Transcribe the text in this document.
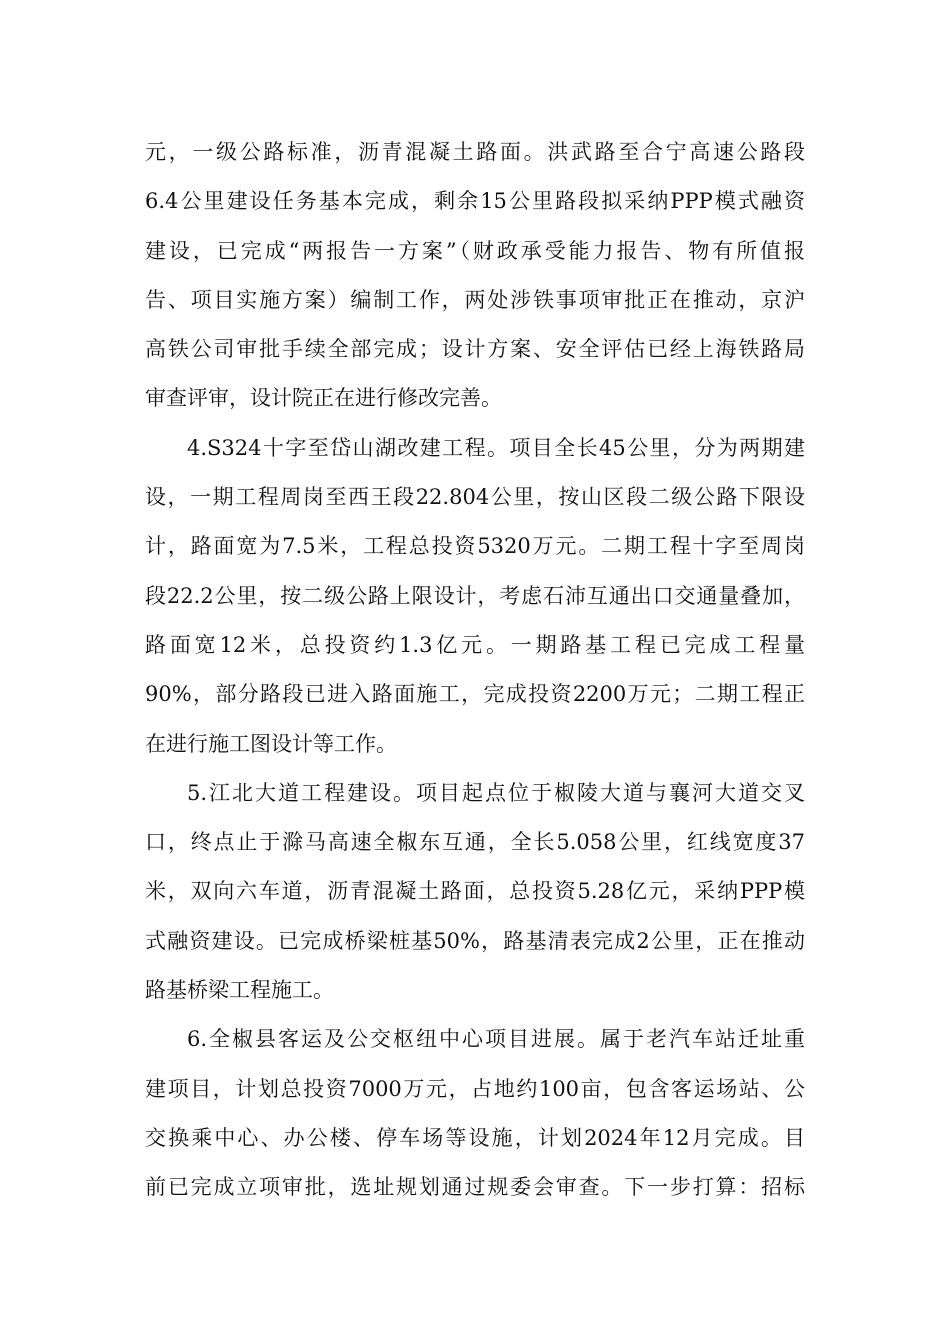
元，一级公路标准，沥青混凝土路面。洪武路至合宁高速公路段
6.4公里建设任务基本完成，剩余15公里路段拟采纳PPP模式融资
建设，已完成“两报告一方案”（财政承受能力报告、物有所值报
告、项目实施方案）编制工作，两处涉铁事项审批正在推动，京沪
高铁公司审批手续全部完成；设计方案、安全评估已经上海铁路局
审查评审，设计院正在进行修改完善。
4.S324十字至岱山湖改建工程。项目全长45公里，分为两期建
设，一期工程周岗至西王段22.804公里，按山区段二级公路下限设
计，路面宽为7.5米，工程总投资5320万元。二期工程十字至周岗
段22.2公里，按二级公路上限设计，考虑石沛互通出口交通量叠加，
路面宽12米，总投资约1.3亿元。一期路基工程已完成工程量
90%，部分路段已进入路面施工，完成投资2200万元；二期工程正
在进行施工图设计等工作。
5.江北大道工程建设。项目起点位于椒陵大道与襄河大道交叉
口，终点止于滁马高速全椒东互通，全长5.058公里，红线宽度37
米，双向六车道，沥青混凝土路面，总投资5.28亿元，采纳PPP模
式融资建设。已完成桥梁桩基50%，路基清表完成2公里，正在推动
路基桥梁工程施工。
6.全椒县客运及公交枢纽中心项目进展。属于老汽车站迁址重
建项目，计划总投资7000万元，占地约100亩，包含客运场站、公
交换乘中心、办公楼、停车场等设施，计划2024年12月完成。目
前已完成立项审批，选址规划通过规委会审查。下一步打算：招标
